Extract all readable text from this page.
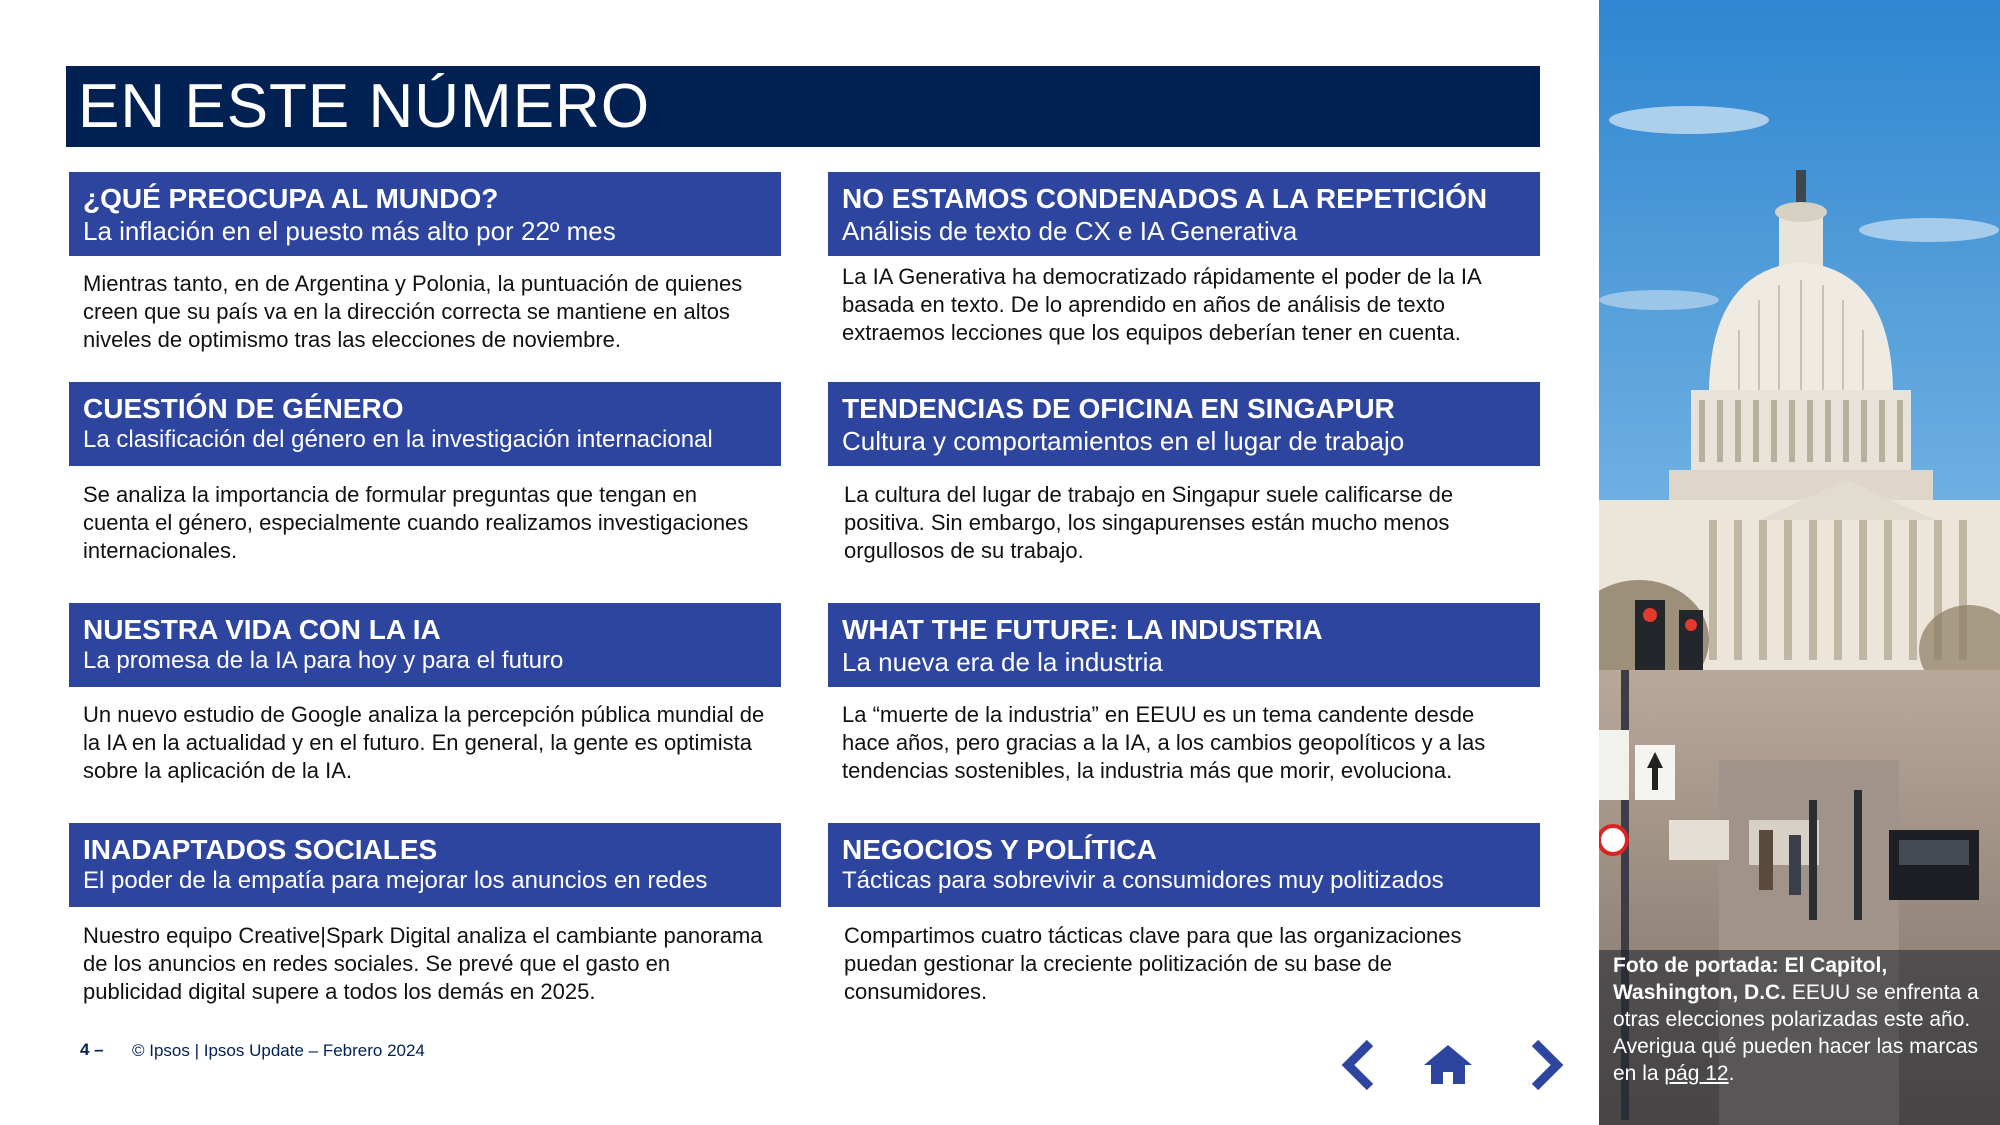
EN ESTE NÚMERO
¿QUÉ PREOCUPA AL MUNDO?
La inflación en el puesto más alto por 22º mes
Mientras tanto, en de Argentina y Polonia, la puntuación de quienes creen que su país va en la dirección correcta se mantiene en altos niveles de optimismo tras las elecciones de noviembre.
NO ESTAMOS CONDENADOS A LA REPETICIÓN
Análisis de texto de CX e IA Generativa
La IA Generativa ha democratizado rápidamente el poder de la IA basada en texto. De lo aprendido en años de análisis de texto extraemos lecciones que los equipos deberían tener en cuenta.
CUESTIÓN DE GÉNERO
La clasificación del género en la investigación internacional
Se analiza la importancia de formular preguntas que tengan en cuenta el género, especialmente cuando realizamos investigaciones internacionales.
TENDENCIAS DE OFICINA EN SINGAPUR
Cultura y comportamientos en el lugar de trabajo
La cultura del lugar de trabajo en Singapur suele calificarse de positiva. Sin embargo, los singapurenses están mucho menos orgullosos de su trabajo.
NUESTRA VIDA CON LA IA
La promesa de la IA para hoy y para el futuro
Un nuevo estudio de Google analiza la percepción pública mundial de la IA en la actualidad y en el futuro. En general, la gente es optimista sobre la aplicación de la IA.
WHAT THE FUTURE: LA INDUSTRIA
La nueva era de la industria
La “muerte de la industria” en EEUU es un tema candente desde hace años, pero gracias a la IA, a los cambios geopolíticos y a las tendencias sostenibles, la industria más que morir, evoluciona.
INADAPTADOS SOCIALES
El poder de la empatía para mejorar los anuncios en redes
Nuestro equipo Creative|Spark Digital analiza el cambiante panorama de los anuncios en redes sociales. Se prevé que el gasto en publicidad digital supere a todos los demás en 2025.
NEGOCIOS Y POLÍTICA
Tácticas para sobrevivir a consumidores muy politizados
Compartimos cuatro tácticas clave para que las organizaciones puedan gestionar la creciente politización de su base de consumidores.
4 – © Ipsos | Ipsos Update – Febrero 2024
Foto de portada: El Capitol, Washington, D.C. EEUU se enfrenta a otras elecciones polarizadas este año. Averigua qué pueden hacer las marcas en la pág 12.
